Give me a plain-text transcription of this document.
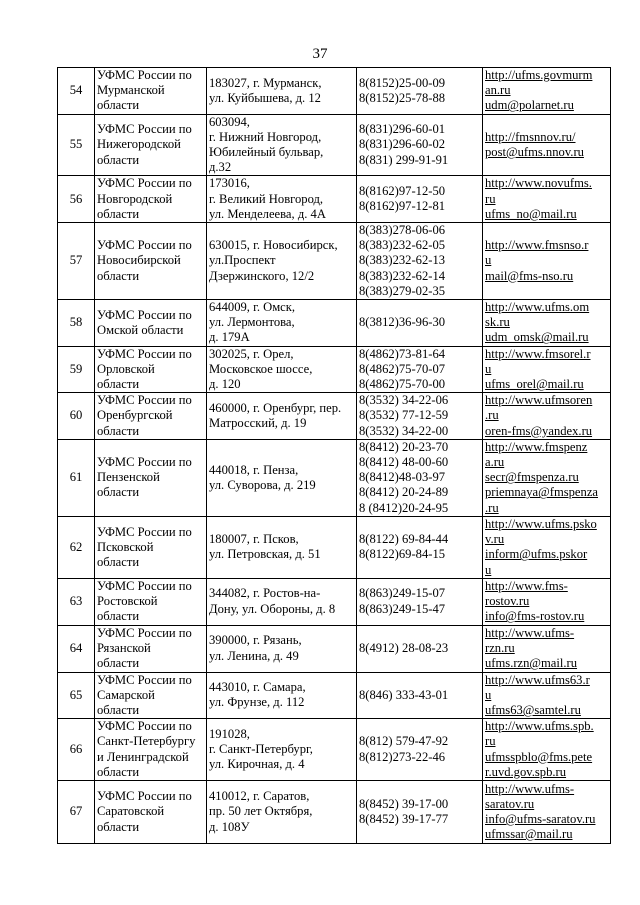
37
54	УФМС России по
Мурманской
области	183027, г. Мурманск,
ул. Куйбышева, д. 12	8(8152)25-00-09
8(8152)25-78-88	http://ufms.govmurm
an.ru
udm@polarnet.ru

55	УФМС России по
Нижегородской
области	603094,
г. Нижний Новгород,
Юбилейный бульвар,
д.32	8(831)296-60-01
8(831)296-60-02
8(831) 299-91-91	http://fmsnnov.ru/
post@ufms.nnov.ru

56	УФМС России по
Новгородской
области	173016,
г. Великий Новгород,
ул. Менделеева, д. 4А	8(8162)97-12-50
8(8162)97-12-81	http://www.novufms.
ru
ufms_no@mail.ru

57	УФМС России по
Новосибирской
области	630015, г. Новосибирск,
ул.Проспект
Дзержинского, 12/2	8(383)278-06-06
8(383)232-62-05
8(383)232-62-13
8(383)232-62-14
8(383)279-02-35	http://www.fmsnso.r
u
mail@fms-nso.ru

58	УФМС России по
Омской области	644009, г. Омск,
ул. Лермонтова,
д. 179А	8(3812)36-96-30	http://www.ufms.om
sk.ru
udm_omsk@mail.ru

59	УФМС России по
Орловской
области	302025, г. Орел,
Московское шоссе,
д. 120	8(4862)73-81-64
8(4862)75-70-07
8(4862)75-70-00	http://www.fmsorel.r
u
ufms_orel@mail.ru

60	УФМС России по
Оренбургской
области	460000, г. Оренбург, пер.
Матросский, д. 19	8(3532) 34-22-06
8(3532) 77-12-59
8(3532) 34-22-00	http://www.ufmsoren
.ru
oren-fms@yandex.ru

61	УФМС России по
Пензенской
области	440018, г. Пенза,
ул. Суворова, д. 219	8(8412) 20-23-70
8(8412) 48-00-60
8(8412)48-03-97
8(8412) 20-24-89
8 (8412)20-24-95	http://www.fmspenz
a.ru
secr@fmspenza.ru
priemnaya@fmspenza
.ru

62	УФМС России по
Псковской
области	180007, г. Псков,
ул. Петровская, д. 51	8(8122) 69-84-44
8(8122)69-84-15	http://www.ufms.psko
v.ru
inform@ufms.pskor
u

63	УФМС России по
Ростовской
области	344082, г. Ростов-на-
Дону, ул. Обороны, д. 8	8(863)249-15-07
8(863)249-15-47	http://www.fms-
rostov.ru
info@fms-rostov.ru

64	УФМС России по
Рязанской
области	390000, г. Рязань,
ул. Ленина, д. 49	8(4912) 28-08-23	http://www.ufms-
rzn.ru
ufms.rzn@mail.ru

65	УФМС России по
Самарской
области	443010, г. Самара,
ул. Фрунзе, д. 112	8(846) 333-43-01	http://www.ufms63.r
u
ufms63@samtel.ru

66	УФМС России по
Санкт-Петербургу
и Ленинградской
области	191028,
г. Санкт-Петербург,
ул. Кирочная, д. 4	8(812) 579-47-92
8(812)273-22-46	http://www.ufms.spb.
ru
ufmsspblo@fms.pete
r.uvd.gov.spb.ru

67	УФМС России по
Саратовской
области	410012, г. Саратов,
пр. 50 лет Октября,
д. 108У	8(8452) 39-17-00
8(8452) 39-17-77	http://www.ufms-
saratov.ru
info@ufms-saratov.ru
ufmssar@mail.ru
